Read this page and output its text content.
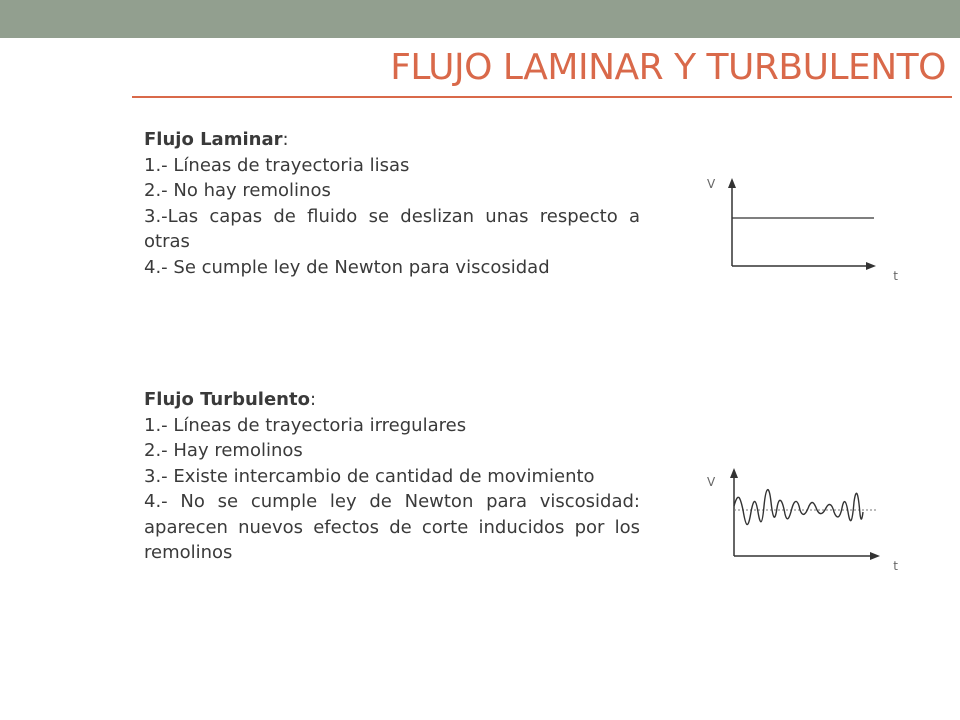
FLUJO LAMINAR Y TURBULENTO

Flujo Laminar:

1.- Líneas de trayectoria lisas

2.- No hay remolinos

3.-Las capas de fluido se deslizan unas respecto a otras

4.- Se cumple ley de Newton para viscosidad

Flujo Turbulento:

1.- Líneas de trayectoria irregulares

2.- Hay remolinos

3.- Existe intercambio de cantidad de movimiento

4.- No se cumple ley de Newton para viscosidad: aparecen nuevos efectos de corte inducidos por los remolinos

V
t
V
t
